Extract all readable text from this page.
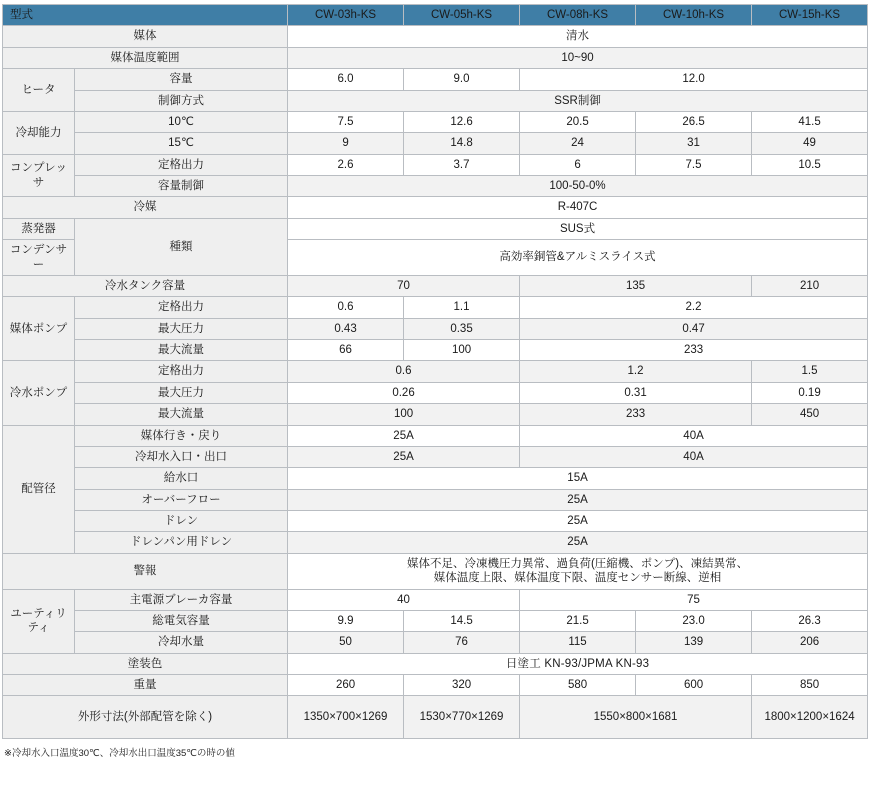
型式		CW-03h-KS	CW-05h-KS	CW-08h-KS	CW-10h-KS	CW-15h-KS
媒体		清水				
媒体温度範囲		10~90				
ヒータ	容量	6.0	9.0	12.0		
	制御方式	SSR制御				
冷却能力	10℃	7.5	12.6	20.5	26.5	41.5
	15℃	9	14.8	24	31	49
コンプレッサ	定格出力	2.6	3.7	6	7.5	10.5
	容量制御	100-50-0%				
冷媒		R-407C				
蒸発器	種類	SUS式				
コンデンサー		高効率銅管&アルミスライス式				
冷水タンク容量		70		135		210
媒体ポンプ	定格出力	0.6	1.1	2.2		
	最大圧力	0.43	0.35	0.47		
	最大流量	66	100	233		
冷水ポンプ	定格出力	0.6		1.2		1.5
	最大圧力	0.26		0.31		0.19
	最大流量	100		233		450
配管径	媒体行き・戻り	25A		40A		
	冷却水入口・出口	25A		40A		
	給水口	15A				
	オーバーフロー	25A				
	ドレン	25A				
	ドレンパン用ドレン	25A				
警報		媒体不足、冷凍機圧力異常、過負荷(圧縮機、ポンプ)、凍結異常、
媒体温度上限、媒体温度下限、温度センサー断線、逆相				

ユーティリティ	主電源ブレーカ容量	40		75		
	総電気容量	9.9	14.5	21.5	23.0	26.3
	冷却水量	50	76	115	139	206
塗装色		日塗工 KN-93/JPMA KN-93				
重量		260	320	580	600	850
外形寸法(外部配管を除く)		1350×700×1269	1530×770×1269	1550×800×1681		1800×1200×1624
※冷却水入口温度30℃、冷却水出口温度35℃の時の値
